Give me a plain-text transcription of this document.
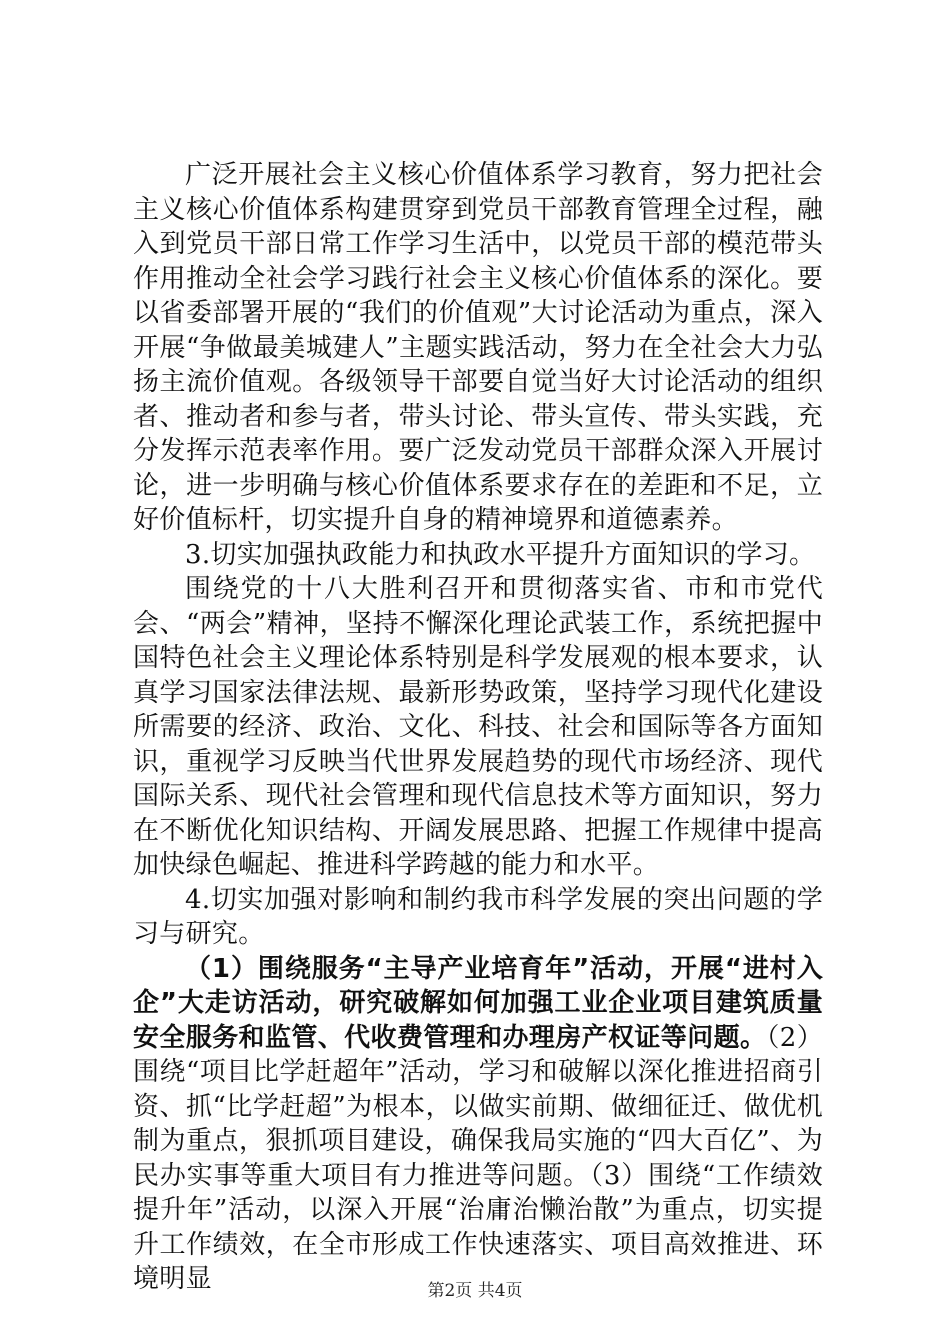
广泛开展社会主义核心价值体系学习教育，努力把社会主义核心价值体系构建贯穿到党员干部教育管理全过程，融入到党员干部日常工作学习生活中，以党员干部的模范带头作用推动全社会学习践行社会主义核心价值体系的深化。要以省委部署开展的“我们的价值观”大讨论活动为重点，深入开展“争做最美城建人”主题实践活动，努力在全社会大力弘扬主流价值观。各级领导干部要自觉当好大讨论活动的组织者、推动者和参与者，带头讨论、带头宣传、带头实践，充分发挥示范表率作用。要广泛发动党员干部群众深入开展讨论，进一步明确与核心价值体系要求存在的差距和不足，立好价值标杆，切实提升自身的精神境界和道德素养。

3.切实加强执政能力和执政水平提升方面知识的学习。

围绕党的十八大胜利召开和贯彻落实省、市和市党代会、“两会”精神，坚持不懈深化理论武装工作，系统把握中国特色社会主义理论体系特别是科学发展观的根本要求，认真学习国家法律法规、最新形势政策，坚持学习现代化建设所需要的经济、政治、文化、科技、社会和国际等各方面知识，重视学习反映当代世界发展趋势的现代市场经济、现代国际关系、现代社会管理和现代信息技术等方面知识，努力在不断优化知识结构、开阔发展思路、把握工作规律中提高加快绿色崛起、推进科学跨越的能力和水平。

4.切实加强对影响和制约我市科学发展的突出问题的学习与研究。

（1）围绕服务“主导产业培育年”活动，开展“进村入企”大走访活动，研究破解如何加强工业企业项目建筑质量安全服务和监管、代收费管理和办理房产权证等问题。（2）围绕“项目比学赶超年”活动，学习和破解以深化推进招商引资、抓“比学赶超”为根本，以做实前期、做细征迁、做优机制为重点，狠抓项目建设，确保我局实施的“四大百亿”、为民办实事等重大项目有力推进等问题。（3）围绕“工作绩效提升年”活动，以深入开展“治庸治懒治散”为重点，切实提升工作绩效，在全市形成工作快速落实、项目高效推进、环境明显	第2页 共4页
